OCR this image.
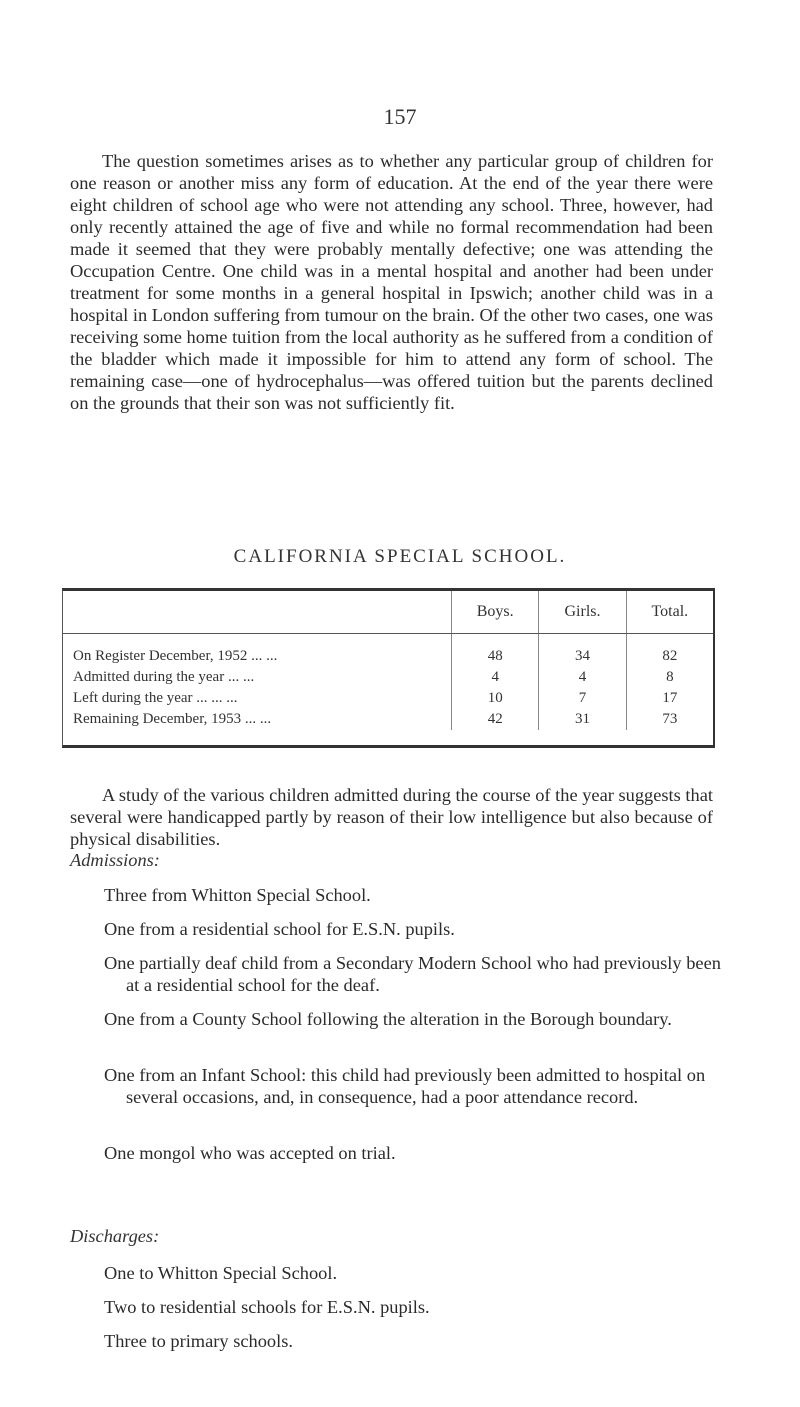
157

The question sometimes arises as to whether any particular group of children for one reason or another miss any form of education. At the end of the year there were eight children of school age who were not attending any school. Three, however, had only recently attained the age of five and while no formal recommendation had been made it seemed that they were probably mentally defective; one was attending the Occupation Centre. One child was in a mental hospital and another had been under treatment for some months in a general hospital in Ipswich; another child was in a hospital in London suffering from tumour on the brain. Of the other two cases, one was receiving some home tuition from the local authority as he suffered from a condition of the bladder which made it impossible for him to attend any form of school. The remaining case—one of hydrocephalus—was offered tuition but the parents declined on the grounds that their son was not sufficiently fit.

CALIFORNIA SPECIAL SCHOOL.
	Boys.	Girls.	Total.
On Register December, 1952 ... ...	48	34	82
Admitted during the year ... ...	4	4	8
Left during the year ... ... ...	10	7	17
Remaining December, 1953 ... ...	42	31	73

A study of the various children admitted during the course of the year suggests that several were handicapped partly by reason of their low intelligence but also because of physical disabilities.

Admissions:

Three from Whitton Special School.

One from a residential school for E.S.N. pupils.

One partially deaf child from a Secondary Modern School who had previously been at a residential school for the deaf.

One from a County School following the alteration in the Borough boundary.

One from an Infant School: this child had previously been admitted to hospital on several occasions, and, in consequence, had a poor attendance record.

One mongol who was accepted on trial.

Discharges:

One to Whitton Special School.

Two to residential schools for E.S.N. pupils.

Three to primary schools.
